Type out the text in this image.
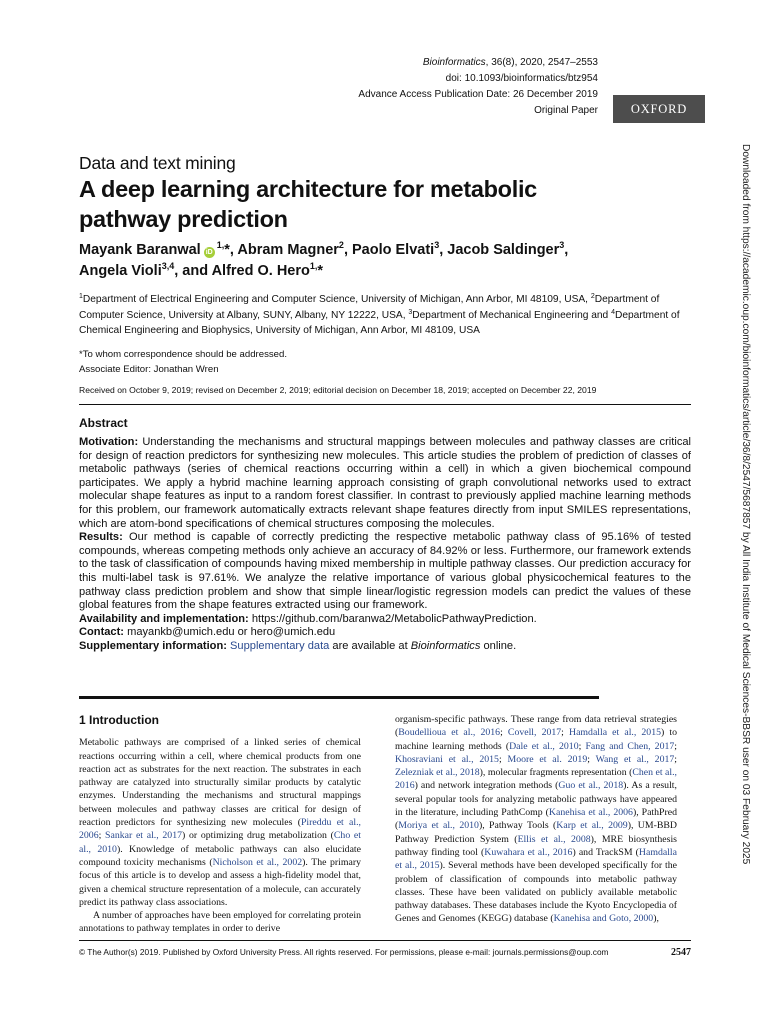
Bioinformatics, 36(8), 2020, 2547–2553
doi: 10.1093/bioinformatics/btz954
Advance Access Publication Date: 26 December 2019
Original Paper	OXFORD
Data and text mining
A deep learning architecture for metabolic pathway prediction
Mayank Baranwal $iD^{1,}*$, Abram Magner$^2$, Paolo Elvati$^3$, Jacob Saldinger$^3$,
Angela Violi$^{3,4}$, and Alfred O. Hero$^{1,}$*
$^1$Department of Electrical Engineering and Computer Science, University of Michigan, Ann Arbor, MI 48109, USA, $^2$Department of Computer Science, University at Albany, SUNY, Albany, NY 12222, USA, $^3$Department of Mechanical Engineering and $^4$Department of Chemical Engineering and Biophysics, University of Michigan, Ann Arbor, MI 48109, USA
*To whom correspondence should be addressed.
Associate Editor: Jonathan Wren
Received on October 9, 2019; revised on December 2, 2019; editorial decision on December 18, 2019; accepted on December 22, 2019
Abstract

Motivation: Understanding the mechanisms and structural mappings between molecules and pathway classes are critical for design of reaction predictors for synthesizing new molecules. This article studies the problem of prediction of classes of metabolic pathways (series of chemical reactions occurring within a cell) in which a given biochemical compound participates. We apply a hybrid machine learning approach consisting of graph convolutional networks used to extract molecular shape features as input to a random forest classifier. In contrast to previously applied machine learning methods for this problem, our framework automatically extracts relevant shape features directly from input SMILES representations, which are atom-bond specifications of chemical structures composing the molecules.

Results: Our method is capable of correctly predicting the respective metabolic pathway class of 95.16% of tested compounds, whereas competing methods only achieve an accuracy of 84.92% or less. Furthermore, our framework extends to the task of classification of compounds having mixed membership in multiple pathway classes. Our prediction accuracy for this multi-label task is 97.61%. We analyze the relative importance of various global physicochemical features to the pathway class prediction problem and show that simple linear/logistic regression models can predict the values of these global features from the shape features extracted using our framework.

Availability and implementation: https://github.com/baranwa2/MetabolicPathwayPrediction.

Contact: mayankb@umich.edu or hero@umich.edu

Supplementary information: Supplementary data are available at Bioinformatics online.

1 Introduction

Metabolic pathways are comprised of a linked series of chemical reactions occurring within a cell, where chemical products from one reaction act as substrates for the next reaction. The substrates in each pathway are catalyzed into structurally similar products by catalytic enzymes. Understanding the mechanisms and structural mappings between molecules and pathway classes are critical for design of reaction predictors for synthesizing new molecules (Pireddu et al., 2006; Sankar et al., 2017) or optimizing drug metabolization (Cho et al., 2010). Knowledge of metabolic pathways can also elucidate compound toxicity mechanisms (Nicholson et al., 2002). The primary focus of this article is to develop and assess a high-fidelity model that, given a chemical structure representation of a molecule, can accurately predict its pathway class associations.

A number of approaches have been employed for correlating protein annotations to pathway templates in order to derive

organism-specific pathways. These range from data retrieval strategies (Boudellioua et al., 2016; Covell, 2017; Hamdalla et al., 2015) to machine learning methods (Dale et al., 2010; Fang and Chen, 2017; Khosraviani et al., 2015; Moore et al. 2019; Wang et al., 2017; Zelezniak et al., 2018), molecular fragments representation (Chen et al., 2016) and network integration methods (Guo et al., 2018). As a result, several popular tools for analyzing metabolic pathways have appeared in the literature, including PathComp (Kanehisa et al., 2006), PathPred (Moriya et al., 2010), Pathway Tools (Karp et al., 2009), UM-BBD Pathway Prediction System (Ellis et al., 2008), MRE biosynthesis pathway finding tool (Kuwahara et al., 2016) and TrackSM (Hamdalla et al., 2015). Several methods have been developed specifically for the problem of classification of compounds into metabolic pathway classes. These have been validated on publicly available metabolic pathway databases. These databases include the Kyoto Encyclopedia of Genes and Genomes (KEGG) database (Kanehisa and Goto, 2000),

© The Author(s) 2019. Published by Oxford University Press. All rights reserved. For permissions, please e-mail: journals.permissions@oup.com	2547
Downloaded from https://academic.oup.com/bioinformatics/article/36/8/2547/5687857 by All India Institute of Medical Sciences-BBSR user on 03 February 2025
